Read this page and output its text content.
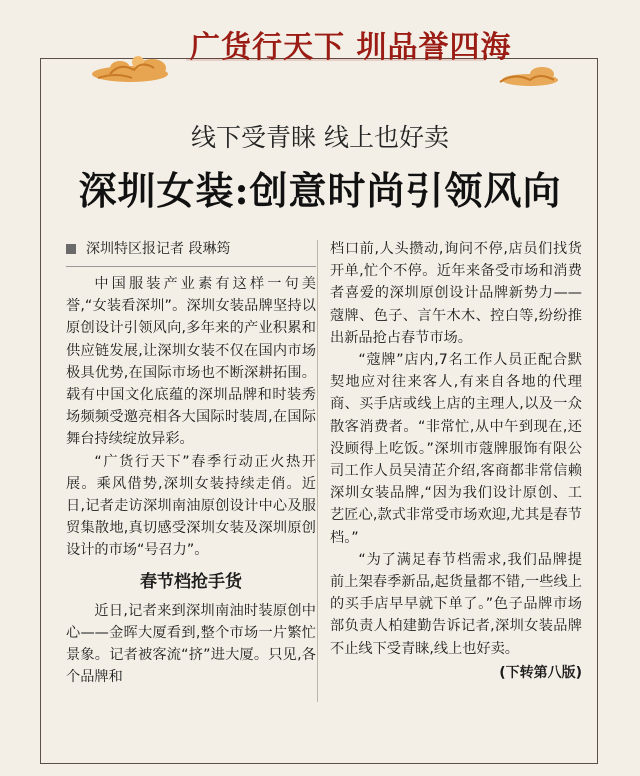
广货行天下 圳品誉四海
线下受青睐 线上也好卖
深圳女装:创意时尚引领风向
深圳特区报记者 段琳筠

中国服装产业素有这样一句美誉,“女装看深圳”。深圳女装品牌坚持以原创设计引领风向,多年来的产业积累和供应链发展,让深圳女装不仅在国内市场极具优势,在国际市场也不断深耕拓围。载有中国文化底蕴的深圳品牌和时装秀场频频受邀亮相各大国际时装周,在国际舞台持续绽放异彩。

“广货行天下”春季行动正火热开展。乘风借势,深圳女装持续走俏。近日,记者走访深圳南油原创设计中心及服贸集散地,真切感受深圳女装及深圳原创设计的市场“号召力”。

春节档抢手货

近日,记者来到深圳南油时装原创中心——金晖大厦看到,整个市场一片繁忙景象。记者被客流“挤”进大厦。只见,各个品牌和

档口前,人头攒动,询问不停,店员们找货开单,忙个不停。近年来备受市场和消费者喜爱的深圳原创设计品牌新势力——蔻牌、色子、言午木木、控白等,纷纷推出新品抢占春节市场。

“蔻牌”店内,7名工作人员正配合默契地应对往来客人,有来自各地的代理商、买手店或线上店的主理人,以及一众散客消费者。“非常忙,从中午到现在,还没顾得上吃饭。”深圳市蔻牌服饰有限公司工作人员吴清芷介绍,客商都非常信赖深圳女装品牌,“因为我们设计原创、工艺匠心,款式非常受市场欢迎,尤其是春节档。”

“为了满足春节档需求,我们品牌提前上架春季新品,起货量都不错,一些线上的买手店早早就下单了。”色子品牌市场部负责人柏建勤告诉记者,深圳女装品牌不止线下受青睐,线上也好卖。

(下转第八版)
